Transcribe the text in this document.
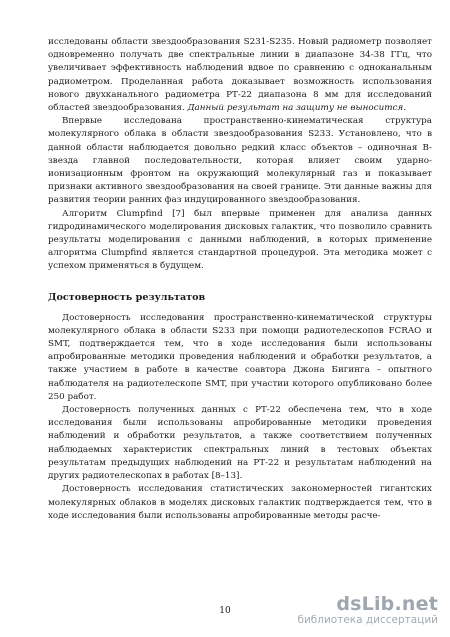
исследованы области звездообразования S231-S235. Новый радиометр позволяет одновременно получать две спектральные линии в диапазоне 34-38 ГГц, что увеличивает эффективность наблюдений вдвое по сравнению с одноканальным радиометром. Проделанная работа доказывает возможность использования нового двухканального радиометра РТ-22 диапазона 8 мм для исследований областей звездообразования. Данный результат на защиту не выносится.

Впервые исследована пространственно-кинематическая структура молекулярного облака в области звездообразования S233. Установлено, что в данной области наблюдается довольно редкий класс объектов – одиночная B-звезда главной последовательности, которая влияет своим ударно-ионизационным фронтом на окружающий молекулярный газ и показывает признаки активного звездообразования на своей границе. Эти данные важны для развития теории ранних фаз индуцированного звездообразования.

Алгоритм Clumpfind [7] был впервые применен для анализа данных гидродинамического моделирования дисковых галактик, что позволило сравнить результаты моделирования с данными наблюдений, в которых применение алгоритма Clumpfind является стандартной процедурой. Эта методика может с успехом применяться в будущем.

Достоверность результатов

Достоверность исследования пространственно-кинематической структуры молекулярного облака в области S233 при помощи радиотелескопов FCRAO и SMT, подтверждается тем, что в ходе исследования были использованы апробированные методики проведения наблюдений и обработки результатов, а также участием в работе в качестве соавтора Джона Бигинга – опытного наблюдателя на радиотелескопе SMT, при участии которого опубликовано более 250 работ.

Достоверность полученных данных с РТ-22 обеспечена тем, что в ходе исследования были использованы апробированные методики проведения наблюдений и обработки результатов, а также соответствием полученных наблюдаемых характеристик спектральных линий в тестовых объектах результатам предыдущих наблюдений на РТ-22 и результатам наблюдений на других радиотелескопах в работах [8–13].

Достоверность исследования статистических закономерностей гигантских молекулярных облаков в моделях дисковых галактик подтверждается тем, что в ходе исследования были использованы апробированные методы расче-

10	dsLib.net
библиотека диссертаций
